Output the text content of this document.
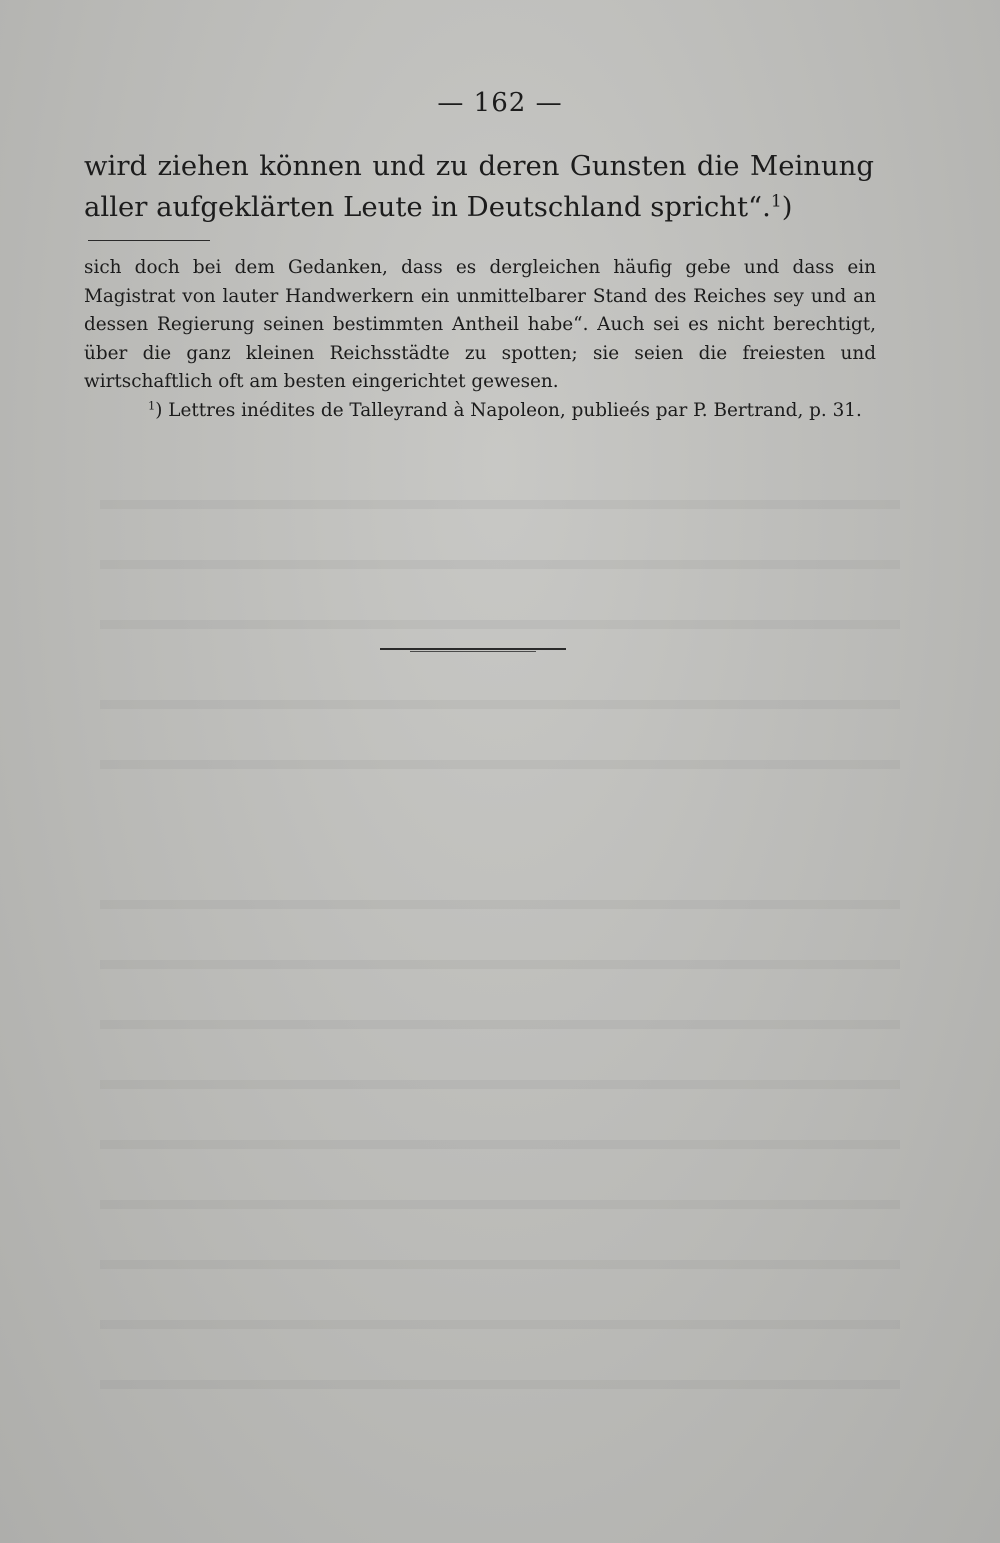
— 162 —

wird ziehen können und zu deren Gunsten die Meinung aller aufgeklärten Leute in Deutschland spricht“.$^1$)

sich doch bei dem Gedanken, dass es dergleichen häufig gebe und dass ein Magistrat von lauter Handwerkern ein unmittelbarer Stand des Reiches sey und an dessen Regierung seinen bestimmten Antheil habe“. Auch sei es nicht berechtigt, über die ganz kleinen Reichsstädte zu spotten; sie seien die freiesten und wirtschaftlich oft am besten eingerichtet gewesen.

$^1$) Lettres inédites de Talleyrand à Napoleon, publieés par P. Bertrand, p. 31.
